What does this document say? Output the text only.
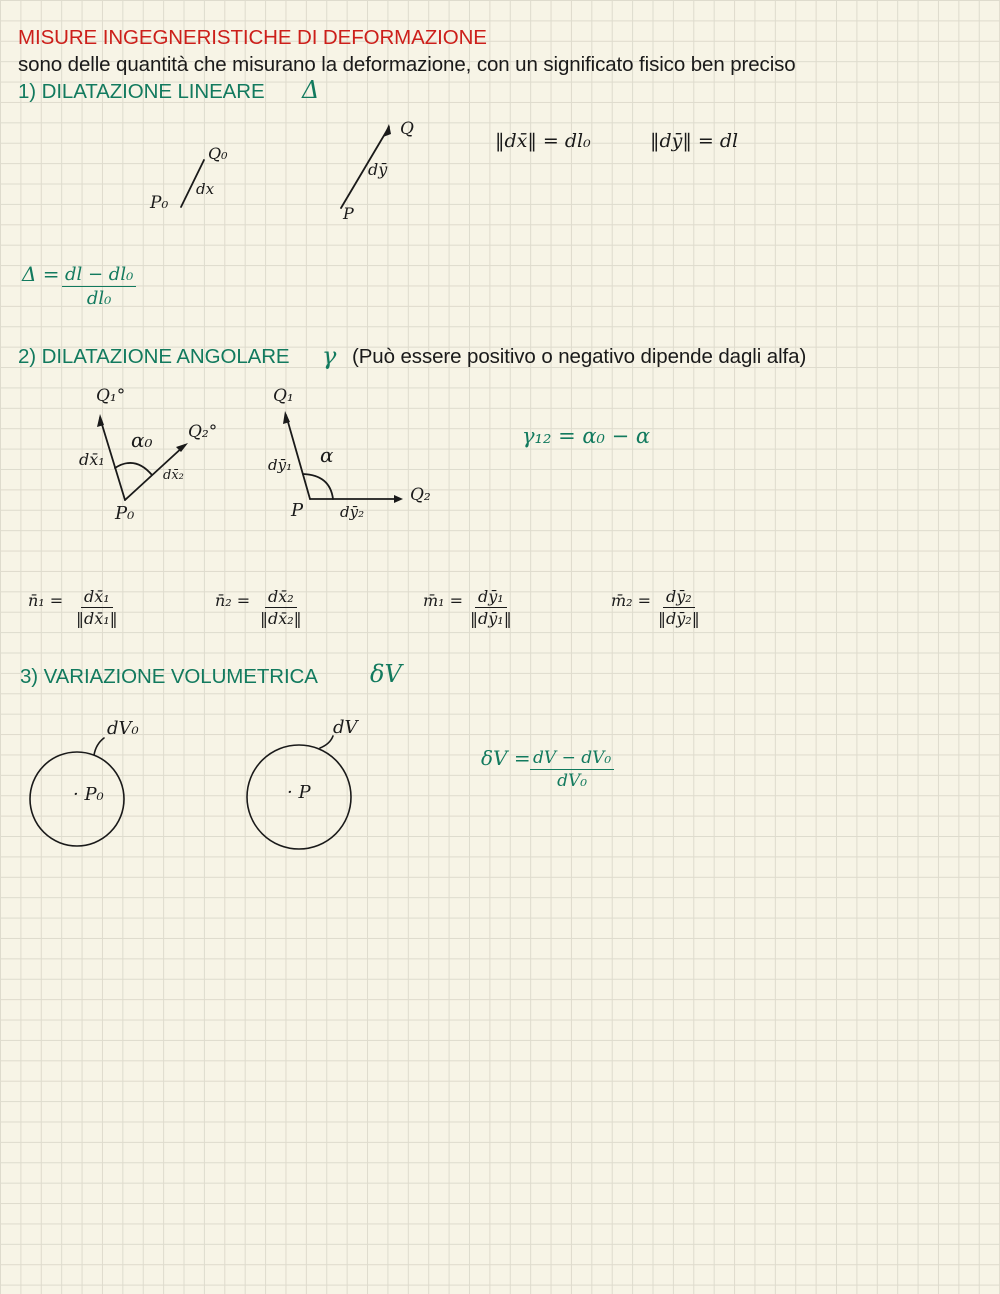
MISURE INGEGNERISTICHE DI DEFORMAZIONE
sono delle quantità che misurano la deformazione, con un significato fisico ben preciso
1) DILATAZIONE LINEARE Δ
Q₀
P₀
dx
Q
P
dȳ
‖dx̄‖ = dl₀	‖dȳ‖ = dl
$\Delta = \frac{\text{dl − dl₀}}{\text{dl₀}}$
2) DILATAZIONE ANGOLARE γ (Può essere positivo o negativo dipende dagli alfa)
Q₁°
Q₂°
dx̄₁
dx̄₂
α₀
P₀
Q₁
Q₂
dȳ₁
dȳ₂
α
P
γ₁₂ = α₀ − α
n̄₁ = $\frac{\text{dx̄₁}}{\text{‖dx̄₁‖}}$	n̄₂ = $\frac{\text{dx̄₂}}{\text{‖dx̄₂‖}}$	m̄₁ = $\frac{\text{dȳ₁}}{\text{‖dȳ₁‖}}$	m̄₂ = $\frac{\text{dȳ₂}}{\text{‖dȳ₂‖}}$
3) VARIAZIONE VOLUMETRICA δV
dV₀
· P₀
dV
· P
$\delta V = \frac{\text{dV − dV₀}}{\text{dV₀}}$
